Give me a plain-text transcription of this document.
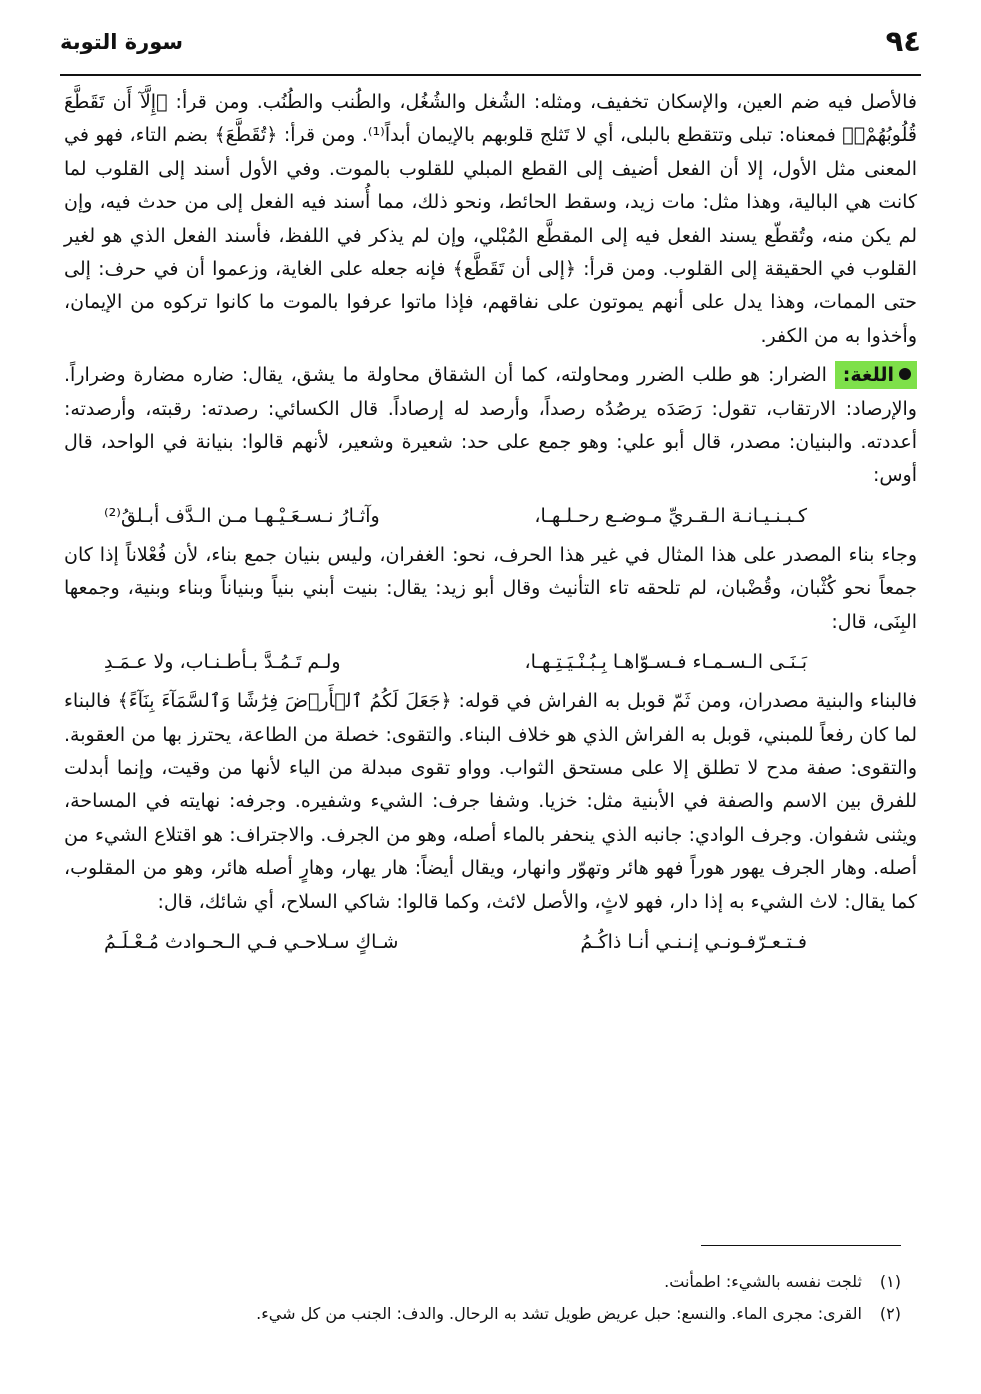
٩٤
سورة التوبة

فالأصل فيه ضم العين، والإسكان تخفيف، ومثله: الشُغل والشُغُل، والطُنب والطُنُب. ومن قرأ: ﴿إِلَّآ أَن تَقَطَّعَ قُلُوبُهُمْۗ﴾ فمعناه: تبلى وتتقطع بالبلى، أي لا تَثلج قلوبهم بالإيمان أبداً⁽¹⁾. ومن قرأ: ﴿تُقَطَّعَ﴾ بضم التاء، فهو في المعنى مثل الأول، إلا أن الفعل أضيف إلى القطع المبلي للقلوب بالموت. وفي الأول أسند إلى القلوب لما كانت هي البالية، وهذا مثل: مات زيد، وسقط الحائط، ونحو ذلك، مما أُسند فيه الفعل إلى من حدث فيه، وإن لم يكن منه، وتُقطّع يسند الفعل فيه إلى المقطَّع المُبْلي، وإن لم يذكر في اللفظ، فأسند الفعل الذي هو لغير القلوب في الحقيقة إلى القلوب. ومن قرأ: ﴿إلى أن تَقَطَّع﴾ فإنه جعله على الغاية، وزعموا أن في حرف: إلى حتى الممات، وهذا يدل على أنهم يموتون على نفاقهم، فإذا ماتوا عرفوا بالموت ما كانوا تركوه من الإيمان، وأخذوا به من الكفر.

اللغة: الضرار: هو طلب الضرر ومحاولته، كما أن الشقاق محاولة ما يشق، يقال: ضاره مضارة وضراراً. والإرصاد: الارتقاب، تقول: رَصَدَه يرصُدُه رصداً، وأرصد له إرصاداً. قال الكسائي: رصدته: رقبته، وأرصدته: أعددته. والبنيان: مصدر، قال أبو علي: وهو جمع على حد: شعيرة وشعير، لأنهم قالوا: بنيانة في الواحد، قال أوس:

كـبـنـيـانـة الـقـريِّ مـوضـع رحـلـهـا،
وآثـارُ نـسـعَـيْـهـا مـن الـدَّف أبـلقُ⁽²⁾

وجاء بناء المصدر على هذا المثال في غير هذا الحرف، نحو: الغفران، وليس بنيان جمع بناء، لأن فُعْلاناً إذا كان جمعاً نحو كُثْبان، وقُضْبان، لم تلحقه تاء التأنيث وقال أبو زيد: يقال: بنيت أبني بنياً وبنياناً وبناء وبنية، وجمعها البِنَى، قال:

بَـنَـى الـسـمـاء فـسـوّاهـا بِـبُـنْـيَـتِـهـا،
ولـم تَـمُـدَّ بـأطـنـاب، ولا عـمَـدِ

فالبناء والبنية مصدران، ومن ثَمّ قوبل به الفراش في قوله: ﴿جَعَلَ لَكُمُ ٱلۡأَرۡضَ فِرَٰشًا وَٱلسَّمَآءَ بِنَآءً﴾ فالبناء لما كان رفعاً للمبني، قوبل به الفراش الذي هو خلاف البناء. والتقوى: خصلة من الطاعة، يحترز بها من العقوبة. والتقوى: صفة مدح لا تطلق إلا على مستحق الثواب. وواو تقوى مبدلة من الياء لأنها من وقيت، وإنما أبدلت للفرق بين الاسم والصفة في الأبنية مثل: خزيا. وشفا جرف: الشيء وشفيره. وجرفه: نهايته في المساحة، ويثنى شفوان. وجرف الوادي: جانبه الذي ينحفر بالماء أصله، وهو من الجرف. والاجتراف: هو اقتلاع الشيء من أصله. وهار الجرف يهور هوراً فهو هائر وتهوّر وانهار، ويقال أيضاً: هار يهار، وهارٍ أصله هائر، وهو من المقلوب، كما يقال: لاث الشيء به إذا دار، فهو لاثٍ، والأصل لائث، وكما قالوا: شاكي السلاح، أي شائك، قال:

فـتـعـرّفـونـي إنـنـي أنـا ذاكُـمُ
شـاكٍ سـلاحـي فـي الـحـوادث مُـعْـلَـمُ

(١) ثلجت نفسه بالشيء: اطمأنت.

(٢) القرى: مجرى الماء. والنسع: حبل عريض طويل تشد به الرحال. والدف: الجنب من كل شيء.
